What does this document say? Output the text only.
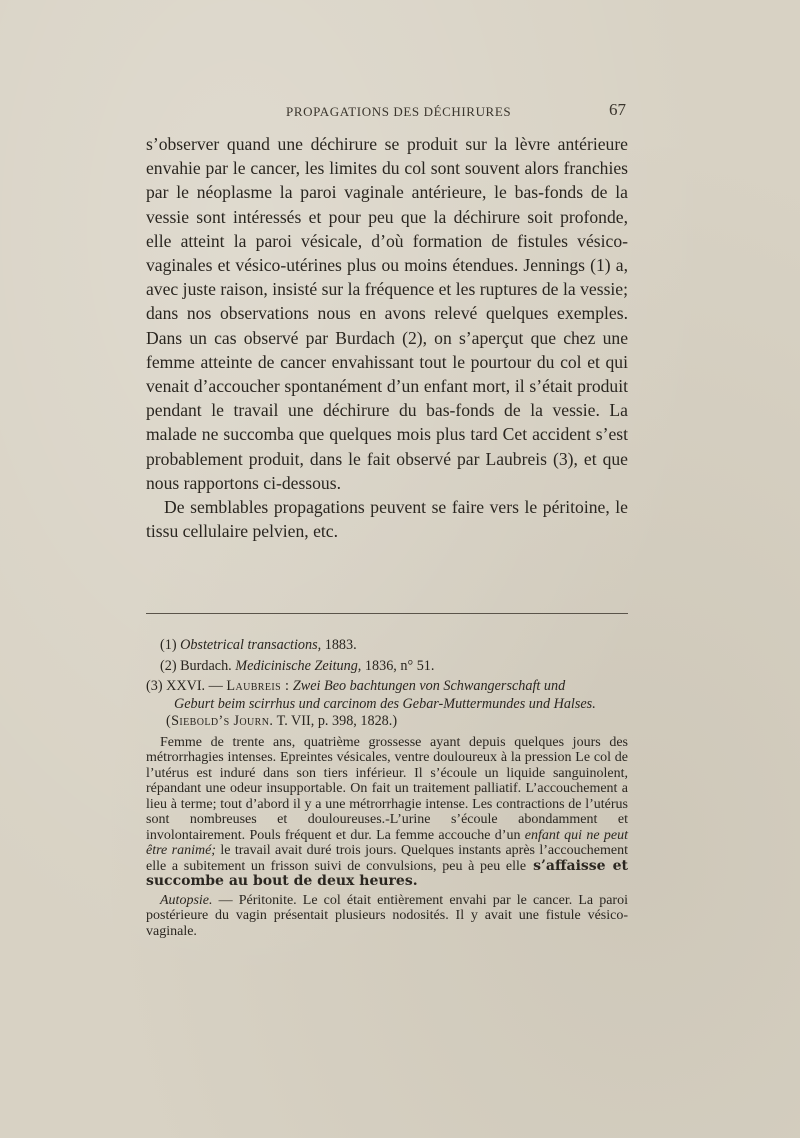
PROPAGATIONS DES DÉCHIRURES	67

s’observer quand une déchirure se produit sur la lèvre antérieure envahie par le cancer, les limites du col sont souvent alors franchies par le néoplasme la paroi vaginale antérieure, le bas-fonds de la vessie sont intéressés et pour peu que la déchirure soit profonde, elle atteint la paroi vésicale, d’où formation de fistules vésico-vaginales et vésico-utérines plus ou moins étendues. Jennings (1) a, avec juste raison, insisté sur la fréquence et les ruptures de la vessie; dans nos observations nous en avons relevé quelques exemples. Dans un cas observé par Burdach (2), on s’aperçut que chez une femme atteinte de cancer envahissant tout le pourtour du col et qui venait d’accoucher spontanément d’un enfant mort, il s’était produit pendant le travail une déchirure du bas-fonds de la vessie. La malade ne succomba que quelques mois plus tard Cet accident s’est probablement produit, dans le fait observé par Laubreis (3), et que nous rapportons ci-dessous.

De semblables propagations peuvent se faire vers le péritoine, le tissu cellulaire pelvien, etc.

(1) Obstetrical transactions, 1883.

(2) Burdach. Medicinische Zeitung, 1836, n° 51.

(3) XXVI. — Laubreis : Zwei Beo bachtungen von Schwangerschaft und
Geburt beim scirrhus und carcinom des Gebar-Muttermundes und Halses.
(Siebold’s Journ. T. VII, p. 398, 1828.)

Femme de trente ans, quatrième grossesse ayant depuis quelques jours des métrorrhagies intenses. Epreintes vésicales, ventre douloureux à la pression Le col de l’utérus est induré dans son tiers inférieur. Il s’écoule un liquide sanguinolent, répandant une odeur insupportable. On fait un traitement palliatif. L’accouchement a lieu à terme; tout d’abord il y a une métrorrhagie intense. Les contractions de l’utérus sont nombreuses et douloureuses.-L’urine s’écoule abondamment et involontairement. Pouls fréquent et dur. La femme accouche d’un enfant qui ne peut être ranimé; le travail avait duré trois jours. Quelques instants après l’accouchement elle a subitement un frisson suivi de convulsions, peu à peu elle s’affaisse et succombe au bout de deux heures.

Autopsie. — Péritonite. Le col était entièrement envahi par le cancer. La paroi postérieure du vagin présentait plusieurs nodosités. Il y avait une fistule vésico-vaginale.
